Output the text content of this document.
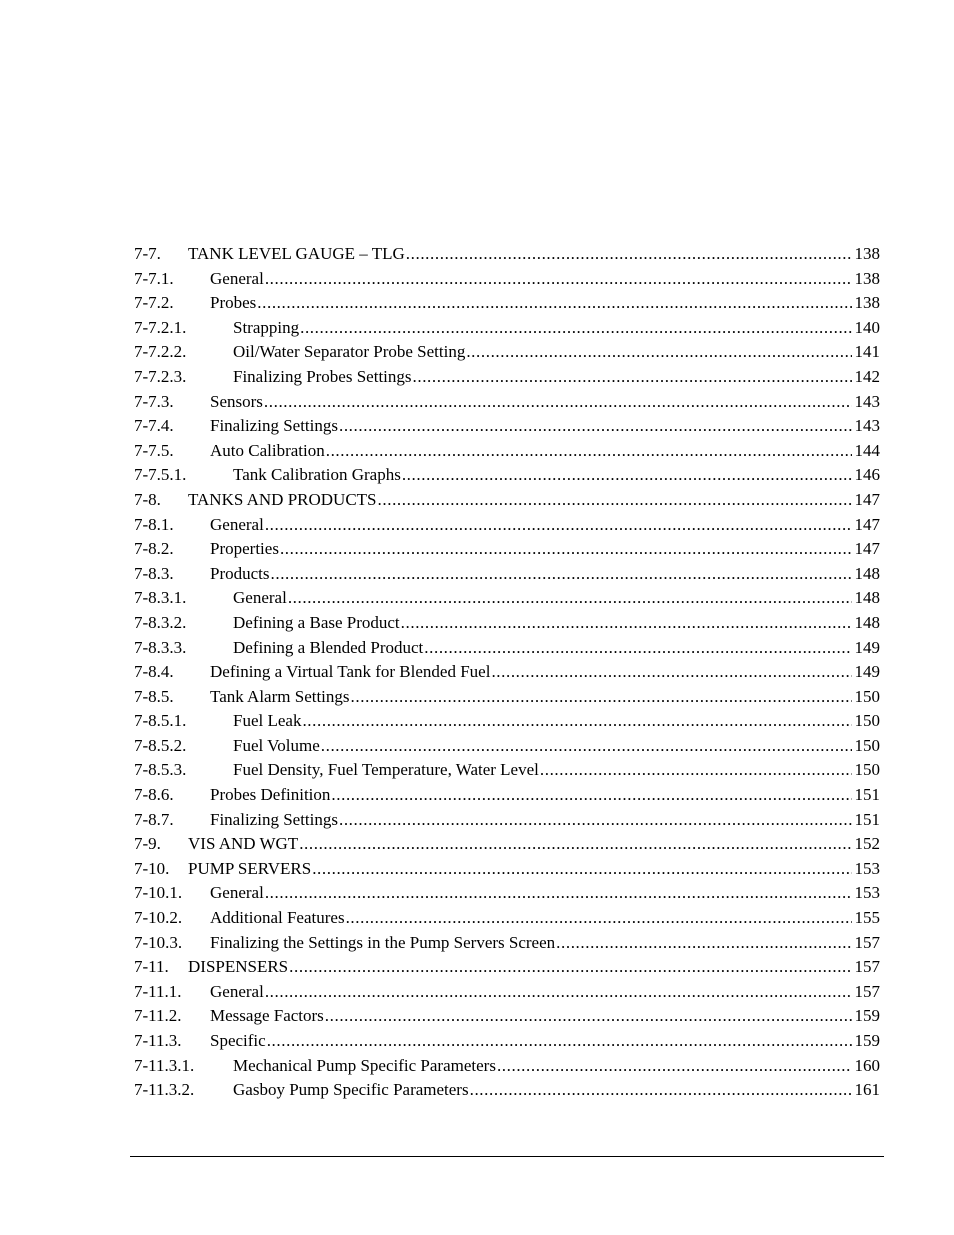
7-7. TANK LEVEL GAUGE – TLG .....	138
7-7.1. General .....	138
7-7.2. Probes .....	138
7-7.2.1.	Strapping .....	140
7-7.2.2.	Oil/Water Separator Probe Setting .....	141
7-7.2.3.	Finalizing Probes Settings .....	142
7-7.3. Sensors .....	143
7-7.4. Finalizing Settings .....	143
7-7.5. Auto Calibration .....	144
7-7.5.1.	Tank Calibration Graphs .....	146
7-8. TANKS AND PRODUCTS .....	147
7-8.1. General .....	147
7-8.2. Properties .....	147
7-8.3. Products .....	148
7-8.3.1.	General .....	148
7-8.3.2.	Defining a Base Product .....	148
7-8.3.3.	Defining a Blended Product .....	149
7-8.4. Defining a Virtual Tank for Blended Fuel .....	149
7-8.5. Tank Alarm Settings .....	150
7-8.5.1.	Fuel Leak .....	150
7-8.5.2.	Fuel Volume .....	150
7-8.5.3.	Fuel Density, Fuel Temperature, Water Level .....	150
7-8.6. Probes Definition .....	151
7-8.7. Finalizing Settings .....	151
7-9. VIS AND WGT .....	152
7-10. PUMP SERVERS .....	153
7-10.1. General .....	153
7-10.2. Additional Features .....	155
7-10.3. Finalizing the Settings in the Pump Servers Screen .....	157
7-11. DISPENSERS .....	157
7-11.1. General .....	157
7-11.2. Message Factors .....	159
7-11.3. Specific .....	159
7-11.3.1. Mechanical Pump Specific Parameters .....	160
7-11.3.2. Gasboy Pump Specific Parameters .....	161
